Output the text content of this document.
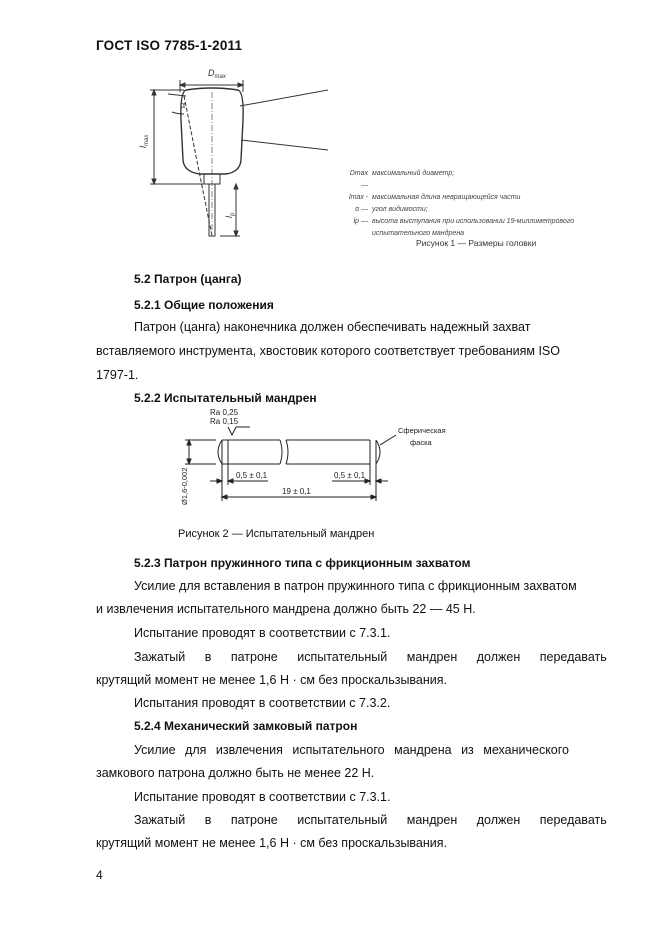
ГОСТ ISO 7785-1-2011
$D_{max}$
α
$l_{max}$
$l_p$
Dmax —
максимальный диаметр;
lmax - максимальная длина невращающейся части
α — угол видимости;
lp — высота выступания при использовании 19-миллиметрового
испытательного мандрена
Рисунок 1 — Размеры головки
5.2 Патрон (цанга)
5.2.1 Общие положения
Патрон (цанга) наконечника должен обеспечивать надежный захват
вставляемого инструмента, хвостовик которого соответствует требованиям ISO
1797-1.
5.2.2 Испытательный мандрен
Ra 0,25
Ra 0,15
Сферическая
фаска
0,5 ± 0,1	0,5 ± 0,1
19 ± 0,1
Ø1,6-0,002
Рисунок 2 — Испытательный мандрен
5.2.3 Патрон пружинного типа с фрикционным захватом
Усилие для вставления в патрон пружинного типа с фрикционным захватом
и извлечения испытательного мандрена должно быть 22 — 45 Н.
Испытание проводят в соответствии с 7.3.1.
Зажатый в патроне испытательный мандрен должен передавать
крутящий момент не менее 1,6 Н · см без проскальзывания.
Испытания проводят в соответствии с 7.3.2.
5.2.4 Механический замковый патрон
Усилие для извлечения испытательного мандрена из механического
замкового патрона должно быть не менее 22 Н.
Испытание проводят в соответствии с 7.3.1.
Зажатый в патроне испытательный мандрен должен передавать
крутящий момент не менее 1,6 Н · см без проскальзывания.
4
